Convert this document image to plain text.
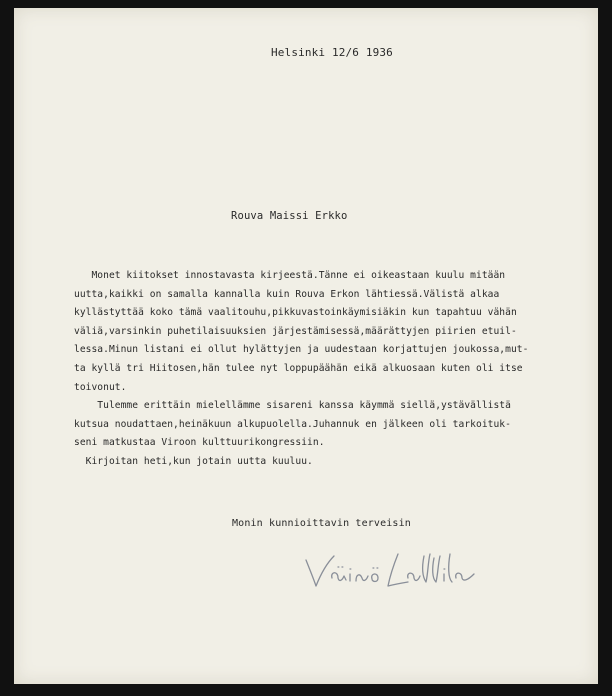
Helsinki 12/6 1936
Rouva Maissi Erkko
Monet kiitokset innostavasta kirjeestä.Tänne ei oikeastaan kuulu mitään
uutta,kaikki on samalla kannalla kuin Rouva Erkon lähtiessä.Välistä alkaa
kyllästyttää koko tämä vaalitouhu,pikkuvastoinkäymisiäkin kun tapahtuu vähän
väliä,varsinkin puhetilaisuuksien järjestämisessä,määrättyjen piirien etuil-
lessa.Minun listani ei ollut hylättyjen ja uudestaan korjattujen joukossa,mut-
ta kyllä tri Hiitosen,hän tulee nyt loppupäähän eikä alkuosaan kuten oli itse
toivonut.
Tulemme erittäin mielellämme sisareni kanssa käymmä siellä,ystävällistä
kutsua noudattaen,heinäkuun alkupuolella.Juhannuk en jälkeen oli tarkoituk-
seni matkustaa Viroon kulttuurikongressiin.
Kirjoitan heti,kun jotain uutta kuuluu.
Monin kunnioittavin terveisin
